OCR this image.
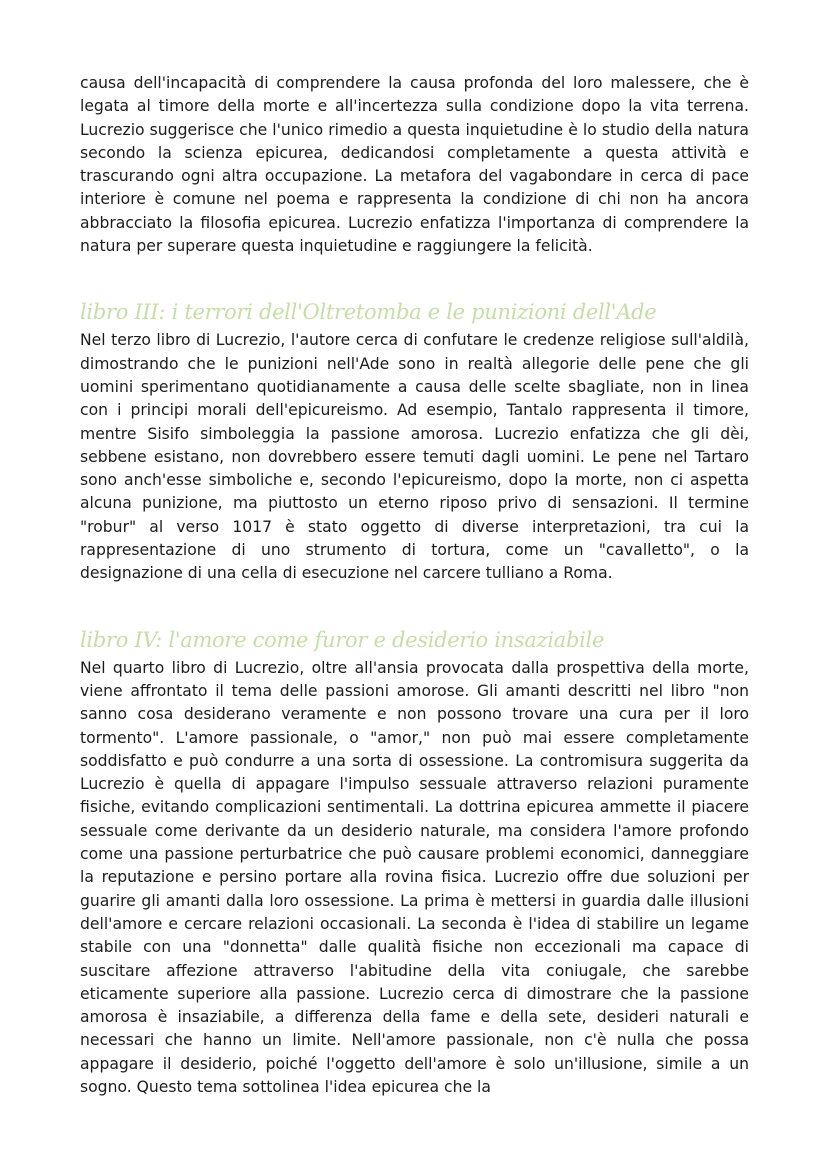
causa dell'incapacità di comprendere la causa profonda del loro malessere, che è legata al timore della morte e all'incertezza sulla condizione dopo la vita terrena. Lucrezio suggerisce che l'unico rimedio a questa inquietudine è lo studio della natura secondo la scienza epicurea, dedicandosi completamente a questa attività e trascurando ogni altra occupazione. La metafora del vagabondare in cerca di pace interiore è comune nel poema e rappresenta la condizione di chi non ha ancora abbracciato la filosofia epicurea. Lucrezio enfatizza l'importanza di comprendere la natura per superare questa inquietudine e raggiungere la felicità.

libro III: i terrori dell'Oltretomba e le punizioni dell'Ade

Nel terzo libro di Lucrezio, l'autore cerca di confutare le credenze religiose sull'aldilà, dimostrando che le punizioni nell'Ade sono in realtà allegorie delle pene che gli uomini sperimentano quotidianamente a causa delle scelte sbagliate, non in linea con i principi morali dell'epicureismo. Ad esempio, Tantalo rappresenta il timore, mentre Sisifo simboleggia la passione amorosa. Lucrezio enfatizza che gli dèi, sebbene esistano, non dovrebbero essere temuti dagli uomini. Le pene nel Tartaro sono anch'esse simboliche e, secondo l'epicureismo, dopo la morte, non ci aspetta alcuna punizione, ma piuttosto un eterno riposo privo di sensazioni. Il termine "robur" al verso 1017 è stato oggetto di diverse interpretazioni, tra cui la rappresentazione di uno strumento di tortura, come un "cavalletto", o la designazione di una cella di esecuzione nel carcere tulliano a Roma.

libro IV: l'amore come furor e desiderio insaziabile

Nel quarto libro di Lucrezio, oltre all'ansia provocata dalla prospettiva della morte, viene affrontato il tema delle passioni amorose. Gli amanti descritti nel libro "non sanno cosa desiderano veramente e non possono trovare una cura per il loro tormento". L'amore passionale, o "amor," non può mai essere completamente soddisfatto e può condurre a una sorta di ossessione. La contromisura suggerita da Lucrezio è quella di appagare l'impulso sessuale attraverso relazioni puramente fisiche, evitando complicazioni sentimentali. La dottrina epicurea ammette il piacere sessuale come derivante da un desiderio naturale, ma considera l'amore profondo come una passione perturbatrice che può causare problemi economici, danneggiare la reputazione e persino portare alla rovina fisica. Lucrezio offre due soluzioni per guarire gli amanti dalla loro ossessione. La prima è mettersi in guardia dalle illusioni dell'amore e cercare relazioni occasionali. La seconda è l'idea di stabilire un legame stabile con una "donnetta" dalle qualità fisiche non eccezionali ma capace di suscitare affezione attraverso l'abitudine della vita coniugale, che sarebbe eticamente superiore alla passione. Lucrezio cerca di dimostrare che la passione amorosa è insaziabile, a differenza della fame e della sete, desideri naturali e necessari che hanno un limite. Nell'amore passionale, non c'è nulla che possa appagare il desiderio, poiché l'oggetto dell'amore è solo un'illusione, simile a un sogno. Questo tema sottolinea l'idea epicurea che la
